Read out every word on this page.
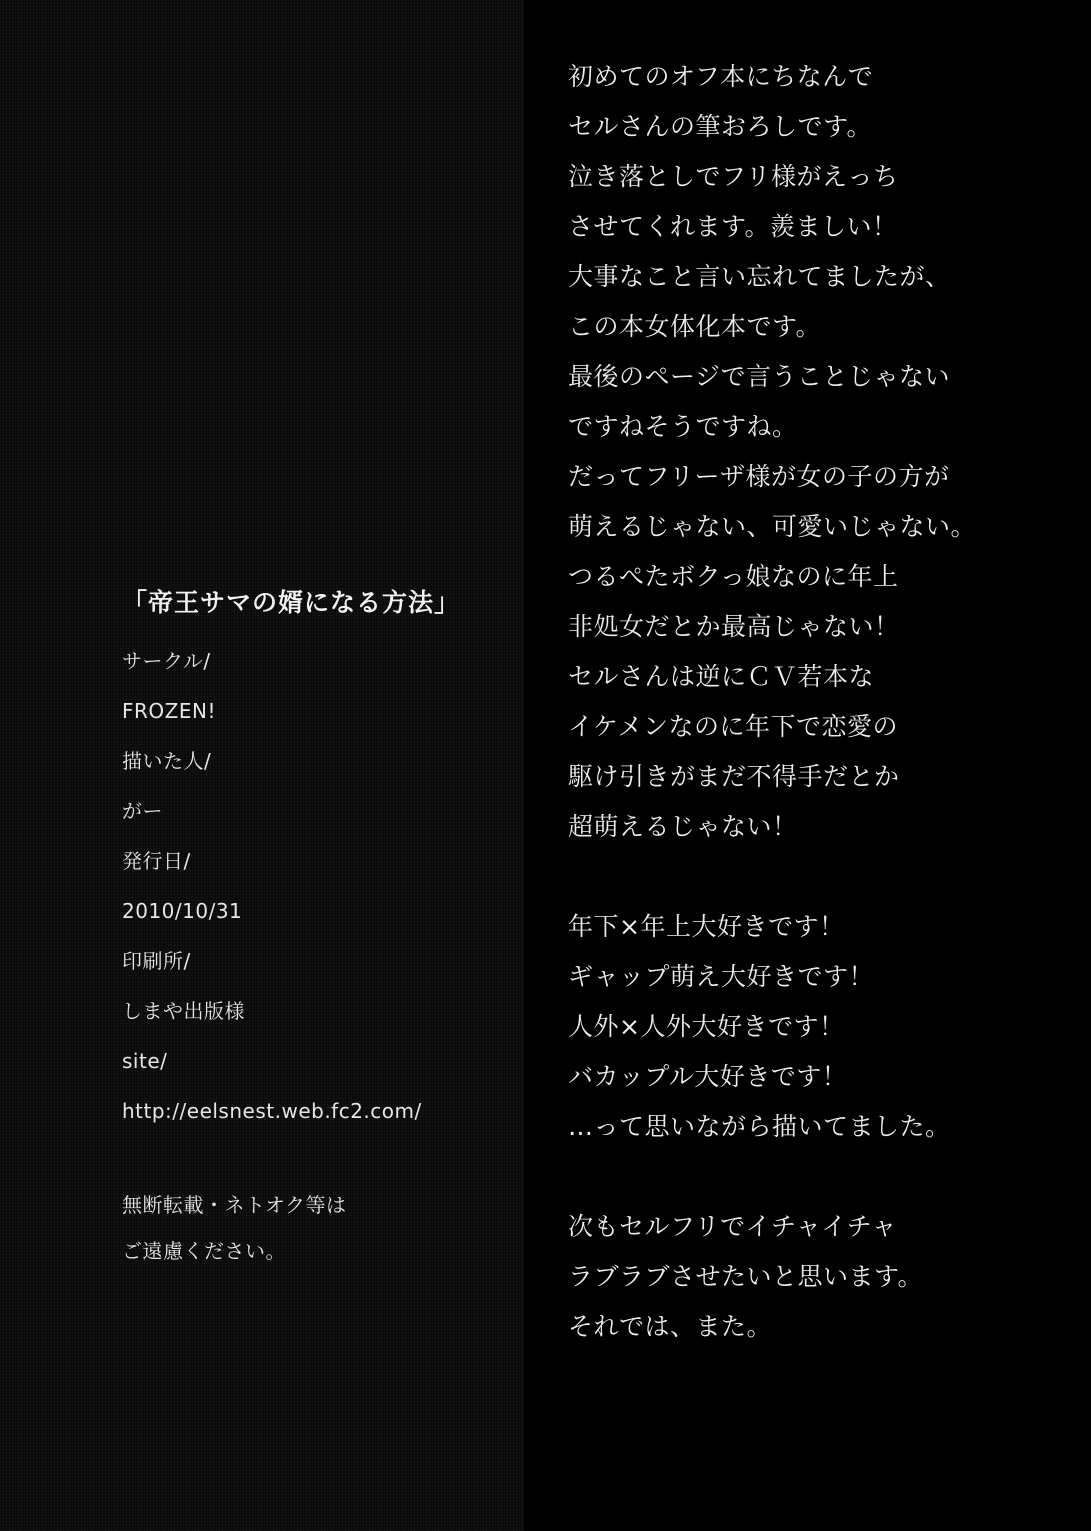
「帝王サマの婿になる方法」
サークル/
FROZEN!
描いた人/
がー
発行日/
2010/10/31
印刷所/
しまや出版様
site/
http://eelsnest.web.fc2.com/
無断転載・ネトオク等は
ご遠慮ください。
初めてのオフ本にちなんで
セルさんの筆おろしです。
泣き落としでフリ様がえっち
させてくれます。羨ましい！
大事なこと言い忘れてましたが、
この本女体化本です。
最後のページで言うことじゃない
ですねそうですね。
だってフリーザ様が女の子の方が
萌えるじゃない、可愛いじゃない。
つるぺたボクっ娘なのに年上
非処女だとか最高じゃない！
セルさんは逆にＣＶ若本な
イケメンなのに年下で恋愛の
駆け引きがまだ不得手だとか
超萌えるじゃない！
年下×年上大好きです！
ギャップ萌え大好きです！
人外×人外大好きです！
バカップル大好きです！
…って思いながら描いてました。
次もセルフリでイチャイチャ
ラブラブさせたいと思います。
それでは、また。
